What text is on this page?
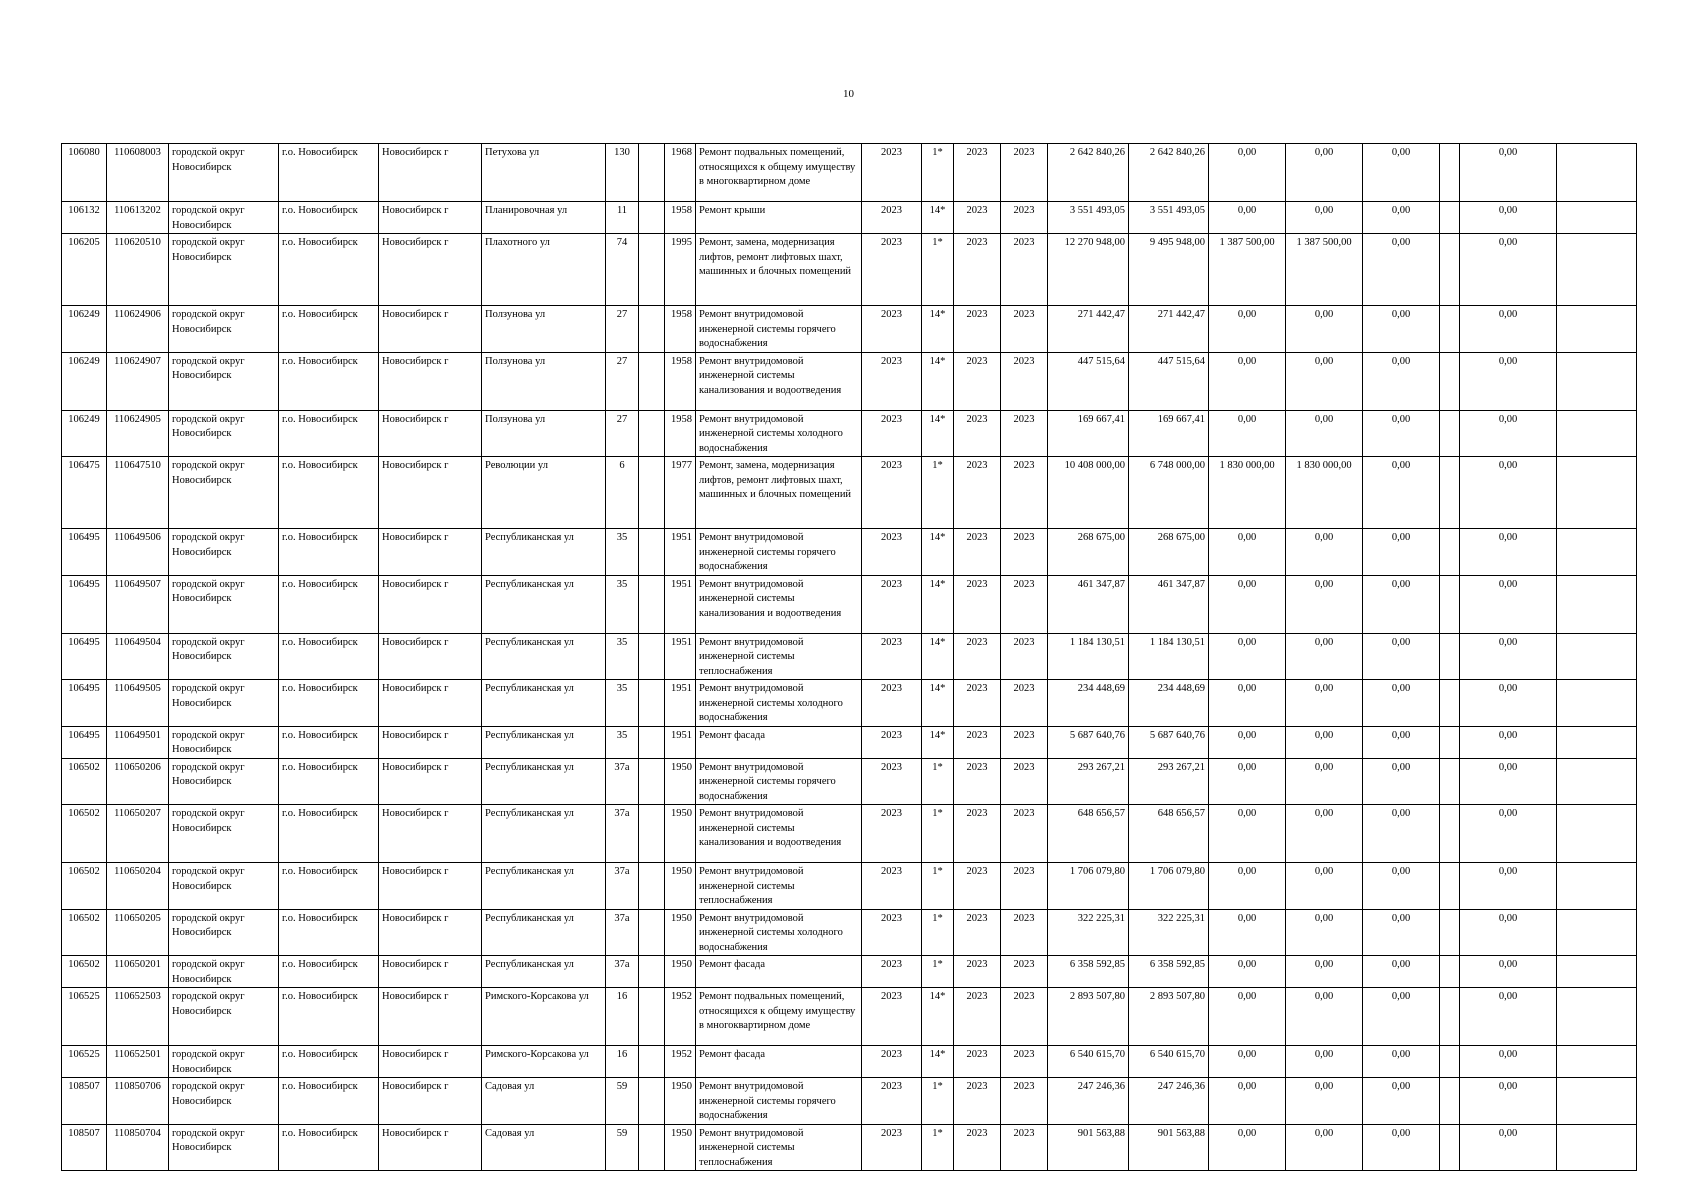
10
106080	110608003	городской округ Новосибирск	г.о. Новосибирск	Новосибирск г	Петухова ул	130		1968	Ремонт подвальных помещений, относящихся к общему имуществу в многоквартирном доме	2023	1*	2023	2023	2 642 840,26	2 642 840,26	0,00	0,00	0,00		0,00	
106132	110613202	городской округ Новосибирск	г.о. Новосибирск	Новосибирск г	Планировочная ул	11		1958	Ремонт крыши	2023	14*	2023	2023	3 551 493,05	3 551 493,05	0,00	0,00	0,00		0,00	
106205	110620510	городской округ Новосибирск	г.о. Новосибирск	Новосибирск г	Плахотного ул	74		1995	Ремонт, замена, модернизация лифтов, ремонт лифтовых шахт, машинных и блочных помещений	2023	1*	2023	2023	12 270 948,00	9 495 948,00	1 387 500,00	1 387 500,00	0,00		0,00	
106249	110624906	городской округ Новосибирск	г.о. Новосибирск	Новосибирск г	Ползунова ул	27		1958	Ремонт внутридомовой инженерной системы горячего водоснабжения	2023	14*	2023	2023	271 442,47	271 442,47	0,00	0,00	0,00		0,00	
106249	110624907	городской округ Новосибирск	г.о. Новосибирск	Новосибирск г	Ползунова ул	27		1958	Ремонт внутридомовой инженерной системы канализования и водоотведения	2023	14*	2023	2023	447 515,64	447 515,64	0,00	0,00	0,00		0,00	
106249	110624905	городской округ Новосибирск	г.о. Новосибирск	Новосибирск г	Ползунова ул	27		1958	Ремонт внутридомовой инженерной системы холодного водоснабжения	2023	14*	2023	2023	169 667,41	169 667,41	0,00	0,00	0,00		0,00	
106475	110647510	городской округ Новосибирск	г.о. Новосибирск	Новосибирск г	Революции ул	6		1977	Ремонт, замена, модернизация лифтов, ремонт лифтовых шахт, машинных и блочных помещений	2023	1*	2023	2023	10 408 000,00	6 748 000,00	1 830 000,00	1 830 000,00	0,00		0,00	
106495	110649506	городской округ Новосибирск	г.о. Новосибирск	Новосибирск г	Республиканская ул	35		1951	Ремонт внутридомовой инженерной системы горячего водоснабжения	2023	14*	2023	2023	268 675,00	268 675,00	0,00	0,00	0,00		0,00	
106495	110649507	городской округ Новосибирск	г.о. Новосибирск	Новосибирск г	Республиканская ул	35		1951	Ремонт внутридомовой инженерной системы канализования и водоотведения	2023	14*	2023	2023	461 347,87	461 347,87	0,00	0,00	0,00		0,00	
106495	110649504	городской округ Новосибирск	г.о. Новосибирск	Новосибирск г	Республиканская ул	35		1951	Ремонт внутридомовой инженерной системы теплоснабжения	2023	14*	2023	2023	1 184 130,51	1 184 130,51	0,00	0,00	0,00		0,00	
106495	110649505	городской округ Новосибирск	г.о. Новосибирск	Новосибирск г	Республиканская ул	35		1951	Ремонт внутридомовой инженерной системы холодного водоснабжения	2023	14*	2023	2023	234 448,69	234 448,69	0,00	0,00	0,00		0,00	
106495	110649501	городской округ Новосибирск	г.о. Новосибирск	Новосибирск г	Республиканская ул	35		1951	Ремонт фасада	2023	14*	2023	2023	5 687 640,76	5 687 640,76	0,00	0,00	0,00		0,00	
106502	110650206	городской округ Новосибирск	г.о. Новосибирск	Новосибирск г	Республиканская ул	37а		1950	Ремонт внутридомовой инженерной системы горячего водоснабжения	2023	1*	2023	2023	293 267,21	293 267,21	0,00	0,00	0,00		0,00	
106502	110650207	городской округ Новосибирск	г.о. Новосибирск	Новосибирск г	Республиканская ул	37а		1950	Ремонт внутридомовой инженерной системы канализования и водоотведения	2023	1*	2023	2023	648 656,57	648 656,57	0,00	0,00	0,00		0,00	
106502	110650204	городской округ Новосибирск	г.о. Новосибирск	Новосибирск г	Республиканская ул	37а		1950	Ремонт внутридомовой инженерной системы теплоснабжения	2023	1*	2023	2023	1 706 079,80	1 706 079,80	0,00	0,00	0,00		0,00	
106502	110650205	городской округ Новосибирск	г.о. Новосибирск	Новосибирск г	Республиканская ул	37а		1950	Ремонт внутридомовой инженерной системы холодного водоснабжения	2023	1*	2023	2023	322 225,31	322 225,31	0,00	0,00	0,00		0,00	
106502	110650201	городской округ Новосибирск	г.о. Новосибирск	Новосибирск г	Республиканская ул	37а		1950	Ремонт фасада	2023	1*	2023	2023	6 358 592,85	6 358 592,85	0,00	0,00	0,00		0,00	
106525	110652503	городской округ Новосибирск	г.о. Новосибирск	Новосибирск г	Римского-Корсакова ул	16		1952	Ремонт подвальных помещений, относящихся к общему имуществу в многоквартирном доме	2023	14*	2023	2023	2 893 507,80	2 893 507,80	0,00	0,00	0,00		0,00	
106525	110652501	городской округ Новосибирск	г.о. Новосибирск	Новосибирск г	Римского-Корсакова ул	16		1952	Ремонт фасада	2023	14*	2023	2023	6 540 615,70	6 540 615,70	0,00	0,00	0,00		0,00	
108507	110850706	городской округ Новосибирск	г.о. Новосибирск	Новосибирск г	Садовая ул	59		1950	Ремонт внутридомовой инженерной системы горячего водоснабжения	2023	1*	2023	2023	247 246,36	247 246,36	0,00	0,00	0,00		0,00	
108507	110850704	городской округ Новосибирск	г.о. Новосибирск	Новосибирск г	Садовая ул	59		1950	Ремонт внутридомовой инженерной системы теплоснабжения	2023	1*	2023	2023	901 563,88	901 563,88	0,00	0,00	0,00		0,00	
